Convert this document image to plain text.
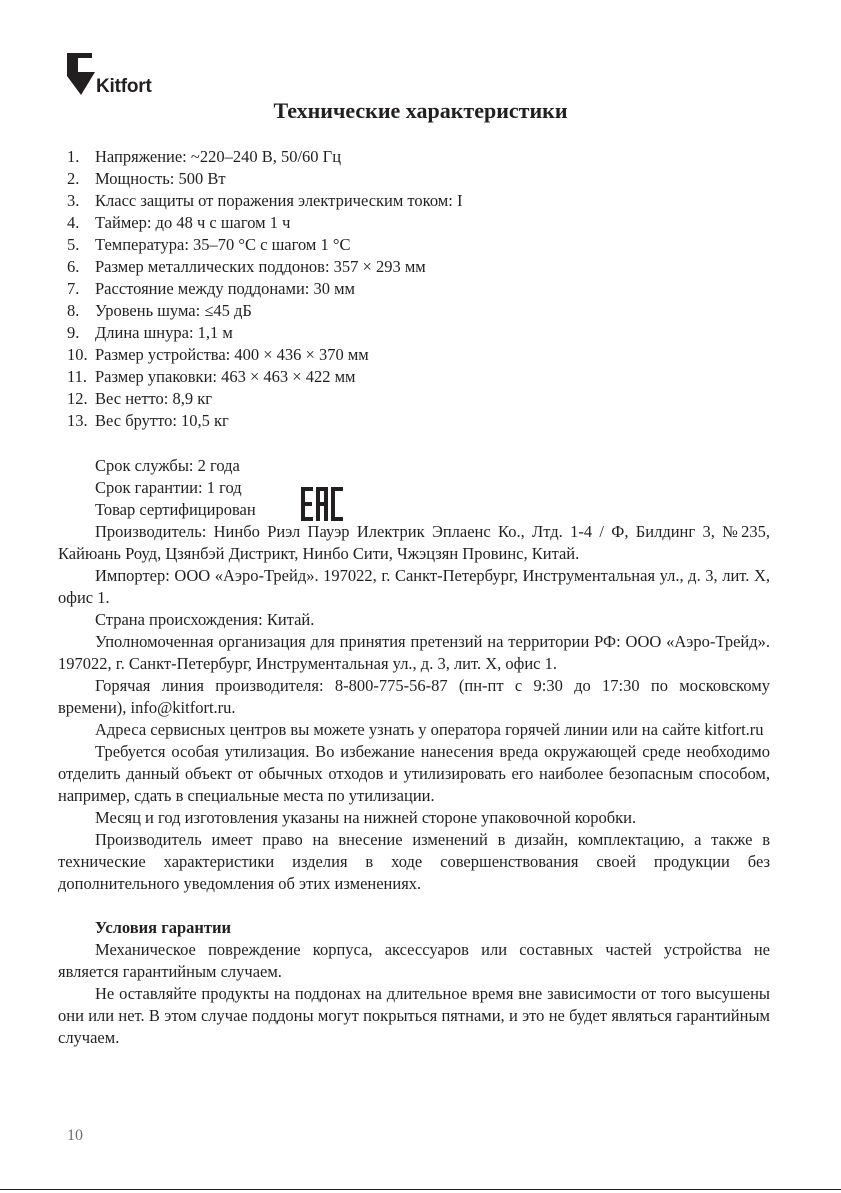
Kitfort
Технические характеристики
1. Напряжение: ~220–240 В, 50/60 Гц
2. Мощность: 500 Вт
3. Класс защиты от поражения электрическим током: I
4. Таймер: до 48 ч с шагом 1 ч
5. Температура: 35–70 °C с шагом 1 °C
6. Размер металлических поддонов: 357 × 293 мм
7. Расстояние между поддонами: 30 мм
8. Уровень шума: ≤45 дБ
9. Длина шнура: 1,1 м
10. Размер устройства: 400 × 436 × 370 мм
11. Размер упаковки: 463 × 463 × 422 мм
12. Вес нетто: 8,9 кг
13. Вес брутто: 10,5 кг

Срок службы: 2 года

Срок гарантии: 1 год

Товар сертифицирован

Производитель: Нинбо Риэл Пауэр Илектрик Эплаенс Ко., Лтд. 1-4 / Ф, Билдинг 3, №235, Кайюань Роуд, Цзянбэй Дистрикт, Нинбо Сити, Чжэцзян Провинс, Китай.

Импортер: ООО «Аэро-Трейд». 197022, г. Санкт-Петербург, Инструментальная ул., д. 3, лит. Х, офис 1.

Страна происхождения: Китай.

Уполномоченная организация для принятия претензий на территории РФ: ООО «Аэро-Трейд». 197022, г. Санкт-Петербург, Инструментальная ул., д. 3, лит. Х, офис 1.

Горячая линия производителя: 8-800-775-56-87 (пн-пт с 9:30 до 17:30 по московскому времени), info@kitfort.ru.

Адреса сервисных центров вы можете узнать у оператора горячей линии или на сайте kitfort.ru

Требуется особая утилизация. Во избежание нанесения вреда окружающей среде необходимо отделить данный объект от обычных отходов и утилизировать его наиболее безопасным способом, например, сдать в специальные места по утилизации.

Месяц и год изготовления указаны на нижней стороне упаковочной коробки.

Производитель имеет право на внесение изменений в дизайн, комплектацию, а также в технические характеристики изделия в ходе совершенствования своей продукции без дополнительного уведомления об этих изменениях.

Условия гарантии

Механическое повреждение корпуса, аксессуаров или составных частей устройства не является гарантийным случаем.

Не оставляйте продукты на поддонах на длительное время вне зависимости от того высушены они или нет. В этом случае поддоны могут покрыться пятнами, и это не будет являться гарантийным случаем.

10
